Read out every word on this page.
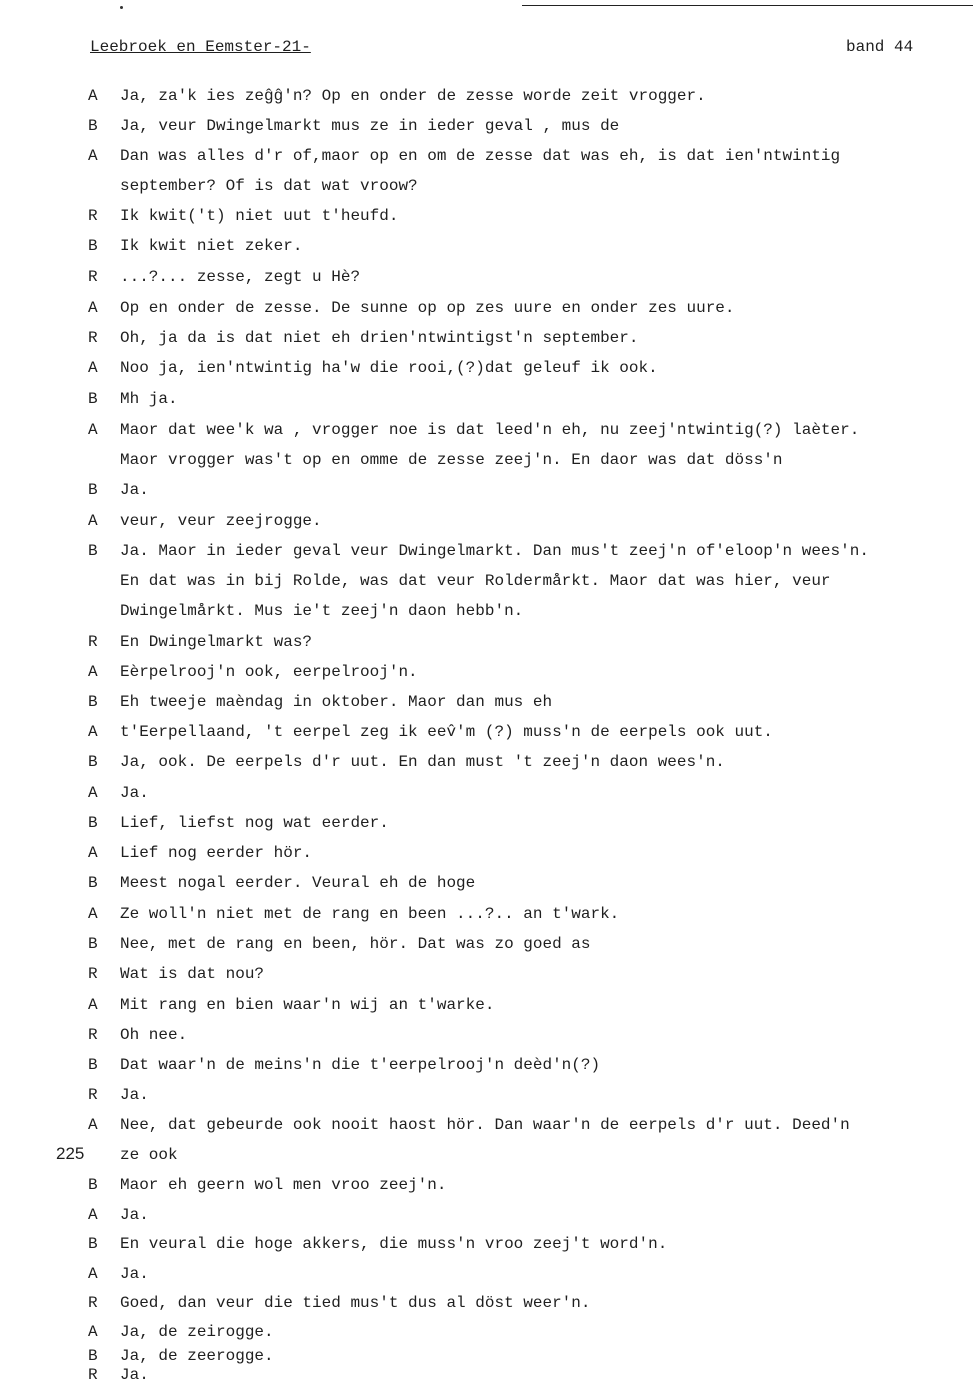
Leebroek en Eemster-21-	band 44
225
A	Ja, za'k ies zeĝĝ'n? Op en onder de zesse worde zeit vrogger.
B	Ja, veur Dwingelmarkt mus ze in ieder geval , mus de
A	Dan was alles d'r of,maor op en om de zesse dat was eh, is dat ien'ntwintig
september? Of is dat wat vroow?
R	Ik kwit('t) niet uut t'heufd.
B	Ik kwit niet zeker.
R	...?... zesse, zegt u Hè?
A	Op en onder de zesse. De sunne op op zes uure en onder zes uure.
R	Oh, ja da is dat niet eh drien'ntwintigst'n september.
A	Noo ja, ien'ntwintig ha'w die rooi,(?)dat geleuf ik ook.
B	Mh ja.
A	Maor dat wee'k wa , vrogger noe is dat leed'n eh, nu zeej'ntwintig(?) laèter.
Maor vrogger was't op en omme de zesse zeej'n. En daor was dat döss'n
B	Ja.
A	veur, veur zeejrogge.
B	Ja. Maor in ieder geval veur Dwingelmarkt. Dan mus't zeej'n of'eloop'n wees'n.
En dat was in bij Rolde, was dat veur Roldermårkt. Maor dat was hier, veur
Dwingelmårkt. Mus ie't zeej'n daon hebb'n.
R	En Dwingelmarkt was?
A	Eèrpelrooj'n ook, eerpelrooj'n.
B	Eh tweeje maèndag in oktober. Maor dan mus eh
A	t'Eerpellaand, 't eerpel zeg ik eev̂'m (?) muss'n de eerpels ook uut.
B	Ja, ook. De eerpels d'r uut. En dan must 't zeej'n daon wees'n.
A	Ja.
B	Lief, liefst nog wat eerder.
A	Lief nog eerder hör.
B	Meest nogal eerder. Veural eh de hoge
A	Ze woll'n niet met de rang en been ...?.. an t'wark.
B	Nee, met de rang en been, hör. Dat was zo goed as
R	Wat is dat nou?
A	Mit rang en bien waar'n wij an t'warke.
R	Oh nee.
B	Dat waar'n de meins'n die t'eerpelrooj'n deèd'n(?)
R	Ja.
A	Nee, dat gebeurde ook nooit haost hör. Dan waar'n de eerpels d'r uut. Deed'n
ze ook
B	Maor eh geern wol men vroo zeej'n.
A	Ja.
B	En veural die hoge akkers, die muss'n vroo zeej't word'n.
A	Ja.
R	Goed, dan veur die tied mus't dus al döst weer'n.
A	Ja, de zeirogge.
B	Ja, de zeerogge.
R	Ja.
